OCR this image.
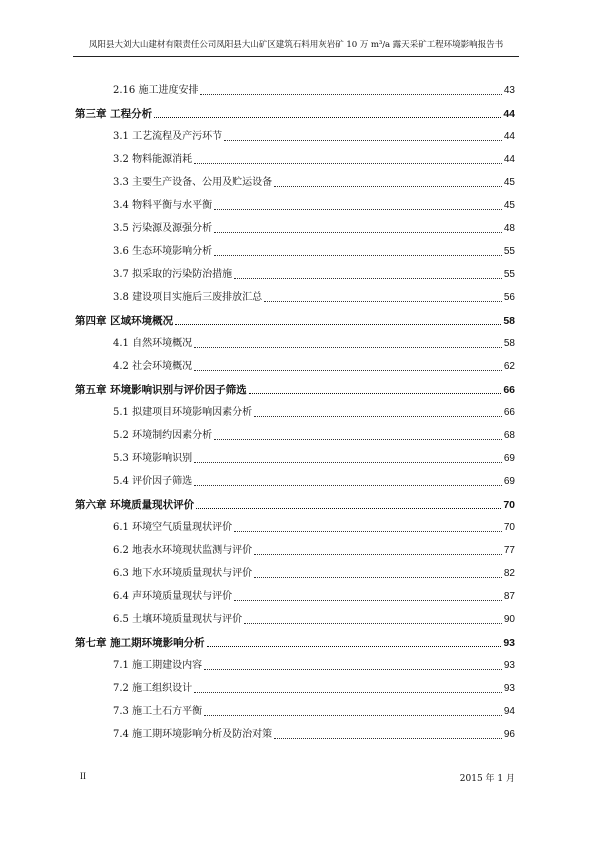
凤阳县大刘大山建材有限责任公司凤阳县大山矿区建筑石料用灰岩矿 10 万 m³/a 露天采矿工程环境影响报告书
2.16 施工进度安排	43
第三章 工程分析	44
3.1 工艺流程及产污环节	44
3.2 物料能源消耗	44
3.3 主要生产设备、公用及贮运设备	45
3.4 物料平衡与水平衡	45
3.5 污染源及源强分析	48
3.6 生态环境影响分析	55
3.7 拟采取的污染防治措施	55
3.8 建设项目实施后三废排放汇总	56
第四章 区域环境概况	58
4.1 自然环境概况	58
4.2 社会环境概况	62
第五章 环境影响识别与评价因子筛选	66
5.1 拟建项目环境影响因素分析	66
5.2 环境制约因素分析	68
5.3 环境影响识别	69
5.4 评价因子筛选	69
第六章 环境质量现状评价	70
6.1 环境空气质量现状评价	70
6.2 地表水环境现状监测与评价	77
6.3 地下水环境质量现状与评价	82
6.4 声环境质量现状与评价	87
6.5 土壤环境质量现状与评价	90
第七章 施工期环境影响分析	93
7.1 施工期建设内容	93
7.2 施工组织设计	93
7.3 施工土石方平衡	94
7.4 施工期环境影响分析及防治对策	96
II	2015 年 1 月
